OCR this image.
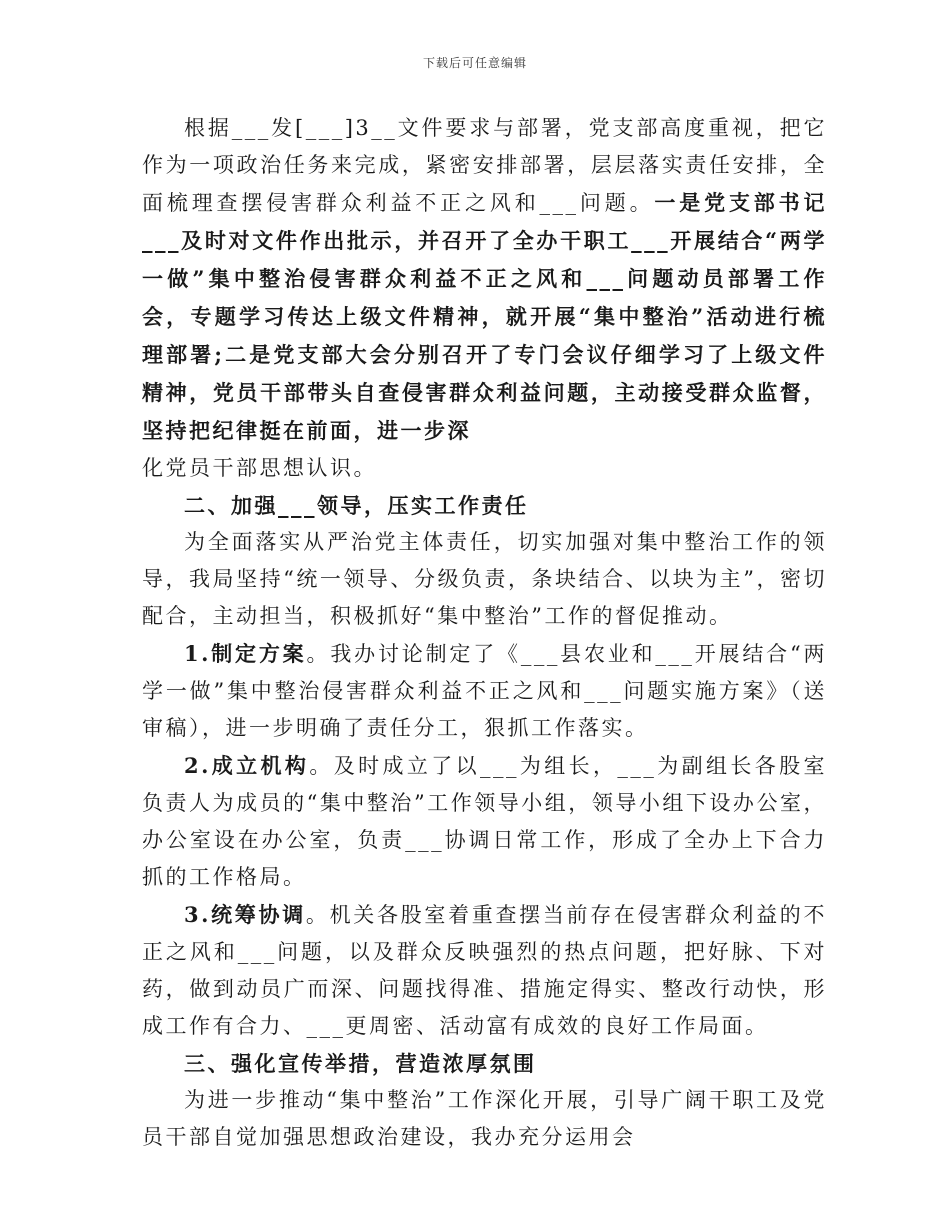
下载后可任意编辑

根据___发[___]3__文件要求与部署，党支部高度重视，把它作为一项政治任务来完成，紧密安排部署，层层落实责任安排，全面梳理查摆侵害群众利益不正之风和___问题。一是党支部书记___及时对文件作出批示，并召开了全办干职工___开展结合“两学一做”集中整治侵害群众利益不正之风和___问题动员部署工作会，专题学习传达上级文件精神，就开展“集中整治”活动进行梳理部署;二是党支部大会分别召开了专门会议仔细学习了上级文件精神，党员干部带头自查侵害群众利益问题，主动接受群众监督，坚持把纪律挺在前面，进一步深
化党员干部思想认识。

二、加强___领导，压实工作责任

为全面落实从严治党主体责任，切实加强对集中整治工作的领导，我局坚持“统一领导、分级负责，条块结合、以块为主”，密切配合，主动担当，积极抓好“集中整治”工作的督促推动。

1.制定方案。我办讨论制定了《___县农业和___开展结合“两学一做”集中整治侵害群众利益不正之风和___问题实施方案》（送审稿），进一步明确了责任分工，狠抓工作落实。

2.成立机构。及时成立了以___为组长，___为副组长各股室负责人为成员的“集中整治”工作领导小组，领导小组下设办公室，办公室设在办公室，负责___协调日常工作，形成了全办上下合力抓的工作格局。

3.统筹协调。机关各股室着重查摆当前存在侵害群众利益的不正之风和___问题，以及群众反映强烈的热点问题，把好脉、下对药，做到动员广而深、问题找得准、措施定得实、整改行动快，形成工作有合力、___更周密、活动富有成效的良好工作局面。

三、强化宣传举措，营造浓厚氛围

为进一步推动“集中整治”工作深化开展，引导广阔干职工及党员干部自觉加强思想政治建设，我办充分运用会
